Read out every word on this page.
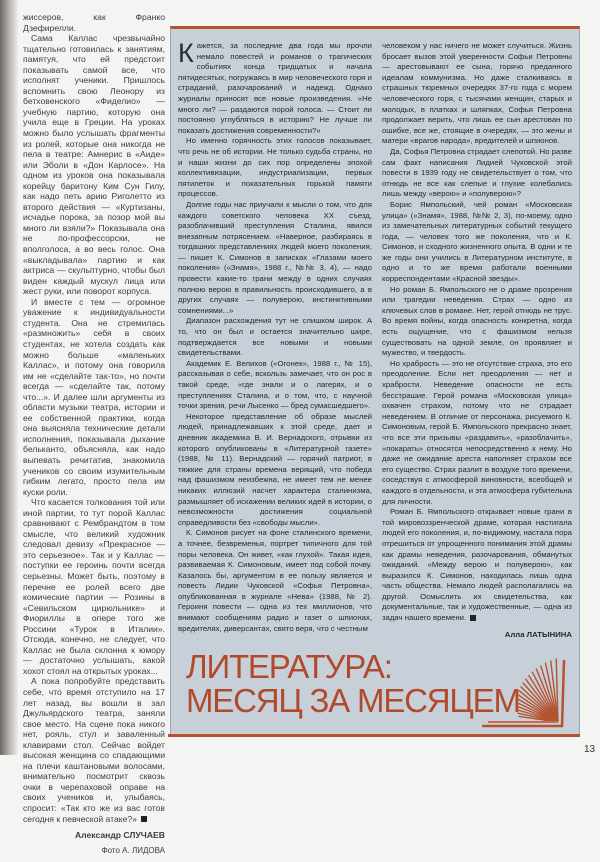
жиссеров, как Франко Дзефирелли.

Сама Каллас чрезвычайно тщательно готовилась к занятиям, памятуя, что ей предстоит показывать самой все, что исполнят ученики. Пришлось вспомнить свою Леонору из бетховенского «Фиделио» — учебную партию, которую она учила еще в Греции. На уроках можно было услышать фрагменты из ролей, которые она никогда не пела в театре: Амнерис в «Аиде» или Эболи в «Дон Карлосе». На одном из уроков она показывала корейцу баритону Ким Сун Гилу, как надо петь арию Риголетто из второго действия — «Куртизаны, исчадье порока, за позор мой вы много ли взяли?» Показывала она не по-профессорски, не вполголоса, а во весь голос. Она «выкладывала» партию и как актриса — скульптурно, чтобы был виден каждый мускул лица или жест руки, или поворот корпуса.

И вместе с тем — огромное уважение к индивидуальности студента. Она не стремилась «размножить» себя в своих студентах, не хотела создать как можно больше «маленьких Каллас», и потому она говорила им не «сделайте так-то», но почти всегда — «сделайте так, потому что...». И далее шли аргументы из области музыки театра, истории и ее собственной практики, когда она выясняла технические детали исполнения, показывала дыхание бельканто, объясняла, как надо выпевать речитатив, знакомила учеников со своим изумительным гибким легато, просто пела им куски роли.

Что касается толкования той или иной партии, то тут порой Каллас сравнивают с Рембрандтом в том смысле, что великий художник следовал девизу «Прекрасное — это серьезное». Так и у Каллас — поступки ее героинь почти всегда серьезны. Может быть, поэтому в перечне ее ролей всего две комические партии — Розины в «Севильском цирюльнике» и Фиориллы в опере того же Россини «Турок в Италии». Отсюда, конечно, не следует, что Каллас не была склонна к юмору — достаточно услышать, какой хохот стоял на открытых уроках...

А пока попробуйте представить себе, что время отступило на 17 лет назад, вы вошли в зал Джульярдского театра, заняли свое место. На сцене пока никого нет, рояль, стул и заваленный клавирами стол. Сейчас войдет высокая женщина со спадающими на плечи каштановыми волосами, внимательно посмотрит сквозь очки в черепаховой оправе на своих учеников и, улыбаясь, спросит: «Так кто же из вас готов сегодня к певческой атаке?»

Александр СЛУЧАЕВ

Фото А. ЛИДОВА

Кажется, за последние два года мы прочли немало повестей и романов о трагических событиях конца тридцатых и начала пятидесятых, погружаясь в мир человеческого горя и страданий, разочарований и надежд. Однако журналы приносят все новые произведения. «Не много ли? — раздаются порой голоса. — Стоит ли постоянно углубляться в историю? Не лучше ли показать достижения современности?»

Но именно горячность этих голосов показывает, что речь не об истории. Не только судьба страны, но и наши жизни до сих пор определены эпохой коллективизации, индустриализации, первых пятилеток и показательных горькой памяти процессов.

Долгие годы нас приучали к мысли о том, что для каждого советского человека XX съезд, разоблачивший преступления Сталина, явился внезапным потрясением. «Наверное, разбираясь в тогдашних представлениях людей моего поколения, — пишет К. Симонов в записках «Глазами моего поколения» («Знамя», 1988 г., №№ 3, 4), — надо провести какие-то грани между в одних случаях полною верою в правильность происходившего, а в других случаях — полуверою, инстинктивными сомнениями...»

Диапазон расхождения тут не слишком широк. А то, что он был и остается значительно шире, подтверждается все новыми и новыми свидетельствами.

Академик Е. Велихов («Огонек», 1988 г., № 15), рассказывая о себе, вскользь замечает, что он рос в такой среде, «где знали и о лагерях, и о преступлениях Сталина, и о том, что, с научной точки зрения, речи Лысенко — бред сумасшедшего».

Некоторое представление об образе мыслей людей, принадлежавших к этой среде, дает и дневник академика В. И. Вернадского, отрывки из которого опубликованы в «Литературной газете» (1988, № 11). Вернадский — горячий патриот, в тяжкие для страны времена верящий, что победа над фашизмом неизбежна, не имеет тем не менее никаких иллюзий насчет характера сталинизма, размышляет об искажении великих идей в истории, о невозможности достижения социальной справедливости без «свободы мысли».

К. Симонов рисует на фоне сталинского времени, а точнее, безвременья, портрет типичного для той поры человека. Он живет, «как глухой». Такая идея, развиваемая К. Симоновым, имеет под собой почву. Казалось бы, аргументом в ее пользу является и повесть Лидии Чуковской «Софья Петровна», опубликованная в журнале «Нева» (1988, № 2). Героиня повести — одна из тех миллионов, что внимают сообщениям радио и газет о шпионах, вредителях, диверсантах, свято веря, что с честным

человеком у нас ничего не может случиться. Жизнь бросает вызов этой уверенности Софьи Петровны — арестовывают ее сына, горячо преданного идеалам коммунизма. Но даже сталкиваясь в страшных тюремных очередях 37-го года с морем человеческого горя, с тысячами женщин, старых и молодых, в платках и шляпках, Софья Петровна продолжает верить, что лишь ее сын арестован по ошибке, все же, стоящие в очередях, — это жены и матери «врагов народа», вредителей и шпионов.

Да, Софья Петровна страдает слепотой. Но разве сам факт написания Лидией Чуковской этой повести в 1939 году не свидетельствует о том, что отнюдь не все как слепые и глухие колебались лишь между «верою» и «полуверою»?

Борис Ямпольский, чей роман «Московская улица» («Знамя», 1988, №№ 2, 3), по-моему, одно из замечательных литературных событий текущего года, — человек того же поколения, что и К. Симонов, и сходного жизненного опыта. В одни и те же годы они учились в Литературном институте, в одно и то же время работали военными корреспондентами «Красной звезды».

Но роман Б. Ямпольского не о драме прозрения или трагедии неведения. Страх — одно из ключевых слов в романе. Нет, герой отнюдь не трус. Во время войны, когда опасность конкретна, когда есть ощущение, что с фашизмом нельзя существовать на одной земле, он проявляет и мужество, и твердость.

Но храбрость — это не отсутствие страха, это его преодоление. Если нет преодоления — нет и храбрости. Неведение опасности не есть бесстрашие. Герой романа «Московская улица» охвачен страхом, потому что не страдает неведением. В отличие от персонажа, рисуемого К. Симоновым, герой Б. Ямпольского прекрасно знает, что все эти призывы «раздавить», «разоблачить», «покарать» относятся непосредственно к нему. Но даже не ожидание ареста наполняет страхом все его существо. Страх разлит в воздухе того времени, соседствуя с атмосферой виновности, всеобщей и каждого в отдельности, и эта атмосфера губительна для личности.

Роман Б. Ямпольского открывает новые грани в той мировоззренческой драме, которая настигала людей его поколения, и, по-видимому, настала пора отрешиться от упрощенного понимания этой драмы как драмы неведения, разочарования, обманутых ожиданий. «Между верою и полуверою», как выразился К. Симонов, находилась лишь одна часть общества. Немало людей располагались на другой. Осмыслить их свидетельства, как документальные, так и художественные, — одна из задач нашего времени.

Алла ЛАТЫНИНА

ЛИТЕРАТУРА:
МЕСЯЦ ЗА МЕСЯЦЕМ
13
